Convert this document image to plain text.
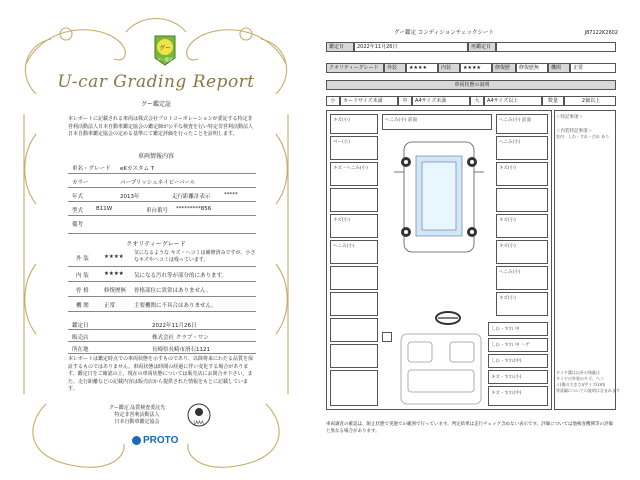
グー
グー鑑定
U-car Grading Report
グー鑑定証
本レポートに記載される車両は株式会社プロトコーポレーションが委託する特定非営利活動法人日本自動車鑑定協会の鑑定師が公平な検査を行い特定非営利活動法人日本自動車鑑定協会の定める基準にて鑑定評価を行ったことを証明します。
車両情報内容
車名・グレード eKカスタム T
カラー	パープリッシュネイビーパール
年式	2013年	走行距離計表示 *****
型式 B11W	車台番号 *********856
備考
クオリティーグレード
外 装	★★★★
気になるような キズ・ヘコミは補修済みですが、小さなキズやヘコミは残っています。
内 装	★★★★ 気になる汚れ等が部分的にあります。
骨 格	修復歴無 骨格部位に異常はありません。
機 関	正常	主要機関に不具合はありません。
鑑定日	2022年11月26日
販売店	株式会社 クラブ・ワン
所在地	長崎県長崎市滑石1121
本レポートは鑑定時点での車両状態を示すものであり、以降将来にわたる品質を保証するものではありません。車両状態は時間の経過に伴い変化する場合があります。鑑定日をご確認の上、現在の車両状態については販売店にお問合せ下さい。また、走行距離などの記載内容は販売店から提供された情報をもとに記載しています。
グー鑑定 品質検査委託先
特定非営利活動法人
日本自動車鑑定協会	JAAA
PROTO
グー鑑定 コンディションチェックシート	J87122K2602
鑑定日	2022年11月26日	再鑑定日
クオリティーグレード	外装	★★★★	内装	★★★★	修復歴	修復歴無	機関	正常
車両状態の説明
小	カードサイズ未満	中	A4サイズ未満	大	A4サイズ以上	数量	2個以上
キズ(小)
ベー(小)
キズ・へこみ(小)
キズ(小)
へこみ(小)
へこみ(小) 前面	へこみ(小) 前面
へこみ(小)
キズ(小)
キズ(小)
キズ(小)
へこみ(小)
キズ(小)
しわ・すれ 中
しわ・すれ 中 ハゲ
しわ・すれ(中)
キズ・すれ(小)
キズ・すれ(中)
＜特記事項＞
＜内装特記事項＞
室内：しわ・すれ・汚れ あり
タイヤ溝は以外の残量は
タイヤの外装のキズ、ヘコ
ミ(傷の大きさ)/サイズ(cm)
等詳細についての説明は含まれます
車両調査の確認は、限止状態で実施での範囲で行っています。判定結果は走行チェック含めない表示です。評価については他検査機関等の評価と異なる場合があります。
